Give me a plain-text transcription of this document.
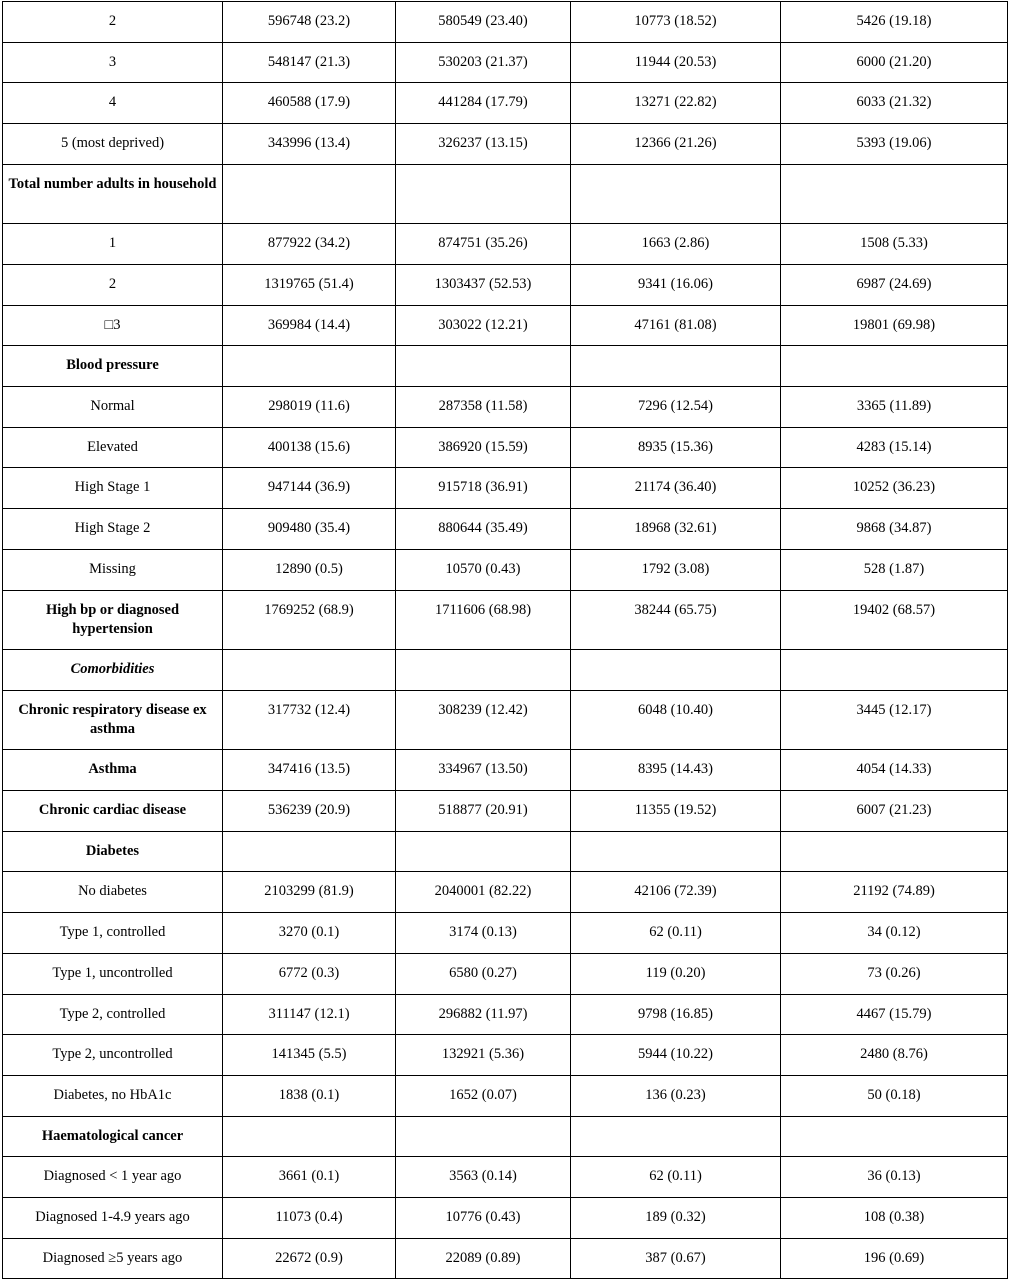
2	596748 (23.2)	580549 (23.40)	10773 (18.52)	5426 (19.18)
3	548147 (21.3)	530203 (21.37)	11944 (20.53)	6000 (21.20)
4	460588 (17.9)	441284 (17.79)	13271 (22.82)	6033 (21.32)
5 (most deprived)	343996 (13.4)	326237 (13.15)	12366 (21.26)	5393 (19.06)
Total number adults in household				
1	877922 (34.2)	874751 (35.26)	1663 (2.86)	1508 (5.33)
2	1319765 (51.4)	1303437 (52.53)	9341 (16.06)	6987 (24.69)
□3	369984 (14.4)	303022 (12.21)	47161 (81.08)	19801 (69.98)
Blood pressure				
Normal	298019 (11.6)	287358 (11.58)	7296 (12.54)	3365 (11.89)
Elevated	400138 (15.6)	386920 (15.59)	8935 (15.36)	4283 (15.14)
High Stage 1	947144 (36.9)	915718 (36.91)	21174 (36.40)	10252 (36.23)
High Stage 2	909480 (35.4)	880644 (35.49)	18968 (32.61)	9868 (34.87)
Missing	12890 (0.5)	10570 (0.43)	1792 (3.08)	528 (1.87)
High bp or diagnosed hypertension	1769252 (68.9)	1711606 (68.98)	38244 (65.75)	19402 (68.57)
Comorbidities				
Chronic respiratory disease ex asthma	317732 (12.4)	308239 (12.42)	6048 (10.40)	3445 (12.17)
Asthma	347416 (13.5)	334967 (13.50)	8395 (14.43)	4054 (14.33)
Chronic cardiac disease	536239 (20.9)	518877 (20.91)	11355 (19.52)	6007 (21.23)
Diabetes				
No diabetes	2103299 (81.9)	2040001 (82.22)	42106 (72.39)	21192 (74.89)
Type 1, controlled	3270 (0.1)	3174 (0.13)	62 (0.11)	34 (0.12)
Type 1, uncontrolled	6772 (0.3)	6580 (0.27)	119 (0.20)	73 (0.26)
Type 2, controlled	311147 (12.1)	296882 (11.97)	9798 (16.85)	4467 (15.79)
Type 2, uncontrolled	141345 (5.5)	132921 (5.36)	5944 (10.22)	2480 (8.76)
Diabetes, no HbA1c	1838 (0.1)	1652 (0.07)	136 (0.23)	50 (0.18)
Haematological cancer				
Diagnosed < 1 year ago	3661 (0.1)	3563 (0.14)	62 (0.11)	36 (0.13)
Diagnosed 1-4.9 years ago	11073 (0.4)	10776 (0.43)	189 (0.32)	108 (0.38)
Diagnosed ≥5 years ago	22672 (0.9)	22089 (0.89)	387 (0.67)	196 (0.69)
